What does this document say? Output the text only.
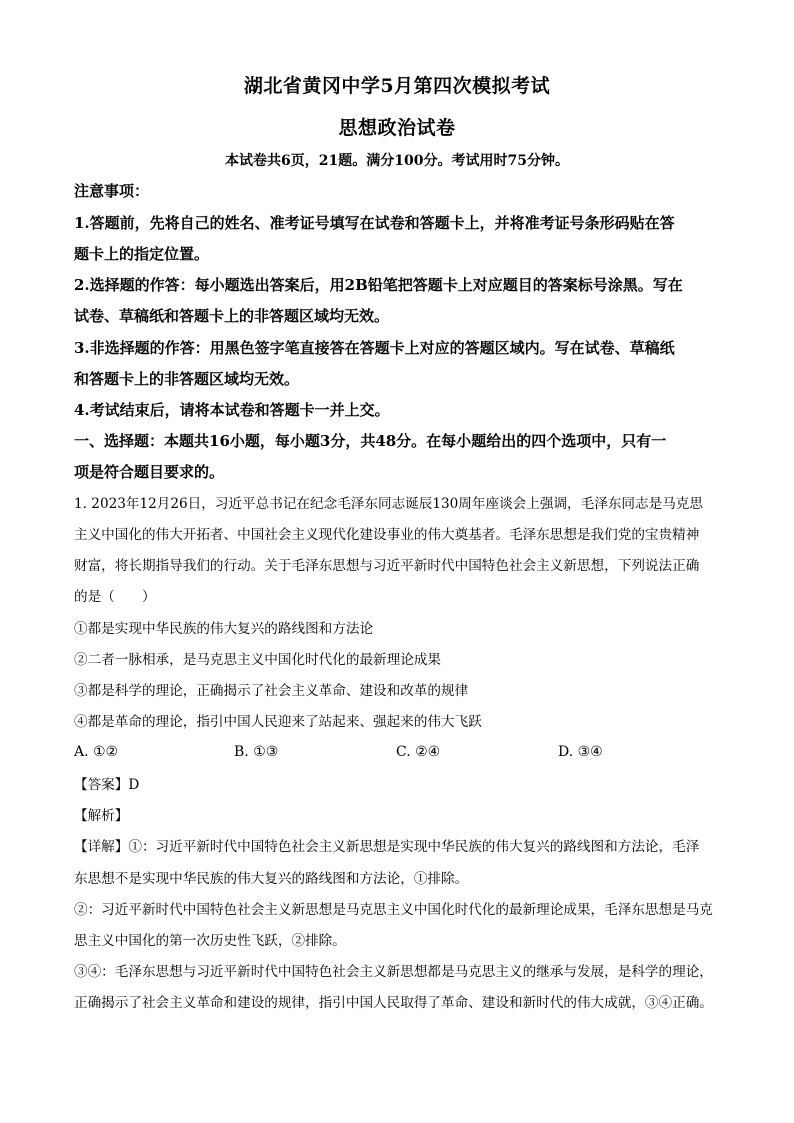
湖北省黄冈中学5月第四次模拟考试
思想政治试卷
本试卷共6页，21题。满分100分。考试用时75分钟。
注意事项：
1.答题前，先将自己的姓名、准考证号填写在试卷和答题卡上，并将准考证号条形码贴在答
题卡上的指定位置。
2.选择题的作答：每小题选出答案后，用2B铅笔把答题卡上对应题目的答案标号涂黑。写在
试卷、草稿纸和答题卡上的非答题区域均无效。
3.非选择题的作答：用黑色签字笔直接答在答题卡上对应的答题区域内。写在试卷、草稿纸
和答题卡上的非答题区域均无效。
4.考试结束后，请将本试卷和答题卡一并上交。
一、选择题：本题共16小题，每小题3分，共48分。在每小题给出的四个选项中，只有一
项是符合题目要求的。
1. 2023年12月26日，习近平总书记在纪念毛泽东同志诞辰130周年座谈会上强调，毛泽东同志是马克思
主义中国化的伟大开拓者、中国社会主义现代化建设事业的伟大奠基者。毛泽东思想是我们党的宝贵精神
财富，将长期指导我们的行动。关于毛泽东思想与习近平新时代中国特色社会主义新思想，下列说法正确
的是（　　）
①都是实现中华民族的伟大复兴的路线图和方法论
②二者一脉相承，是马克思主义中国化时代化的最新理论成果
③都是科学的理论，正确揭示了社会主义革命、建设和改革的规律
④都是革命的理论，指引中国人民迎来了站起来、强起来的伟大飞跃
A. ①②	B. ①③	C. ②④	D. ③④
【答案】D
【解析】
【详解】①：习近平新时代中国特色社会主义新思想是实现中华民族的伟大复兴的路线图和方法论，毛泽
东思想不是实现中华民族的伟大复兴的路线图和方法论，①排除。
②：习近平新时代中国特色社会主义新思想是马克思主义中国化时代化的最新理论成果，毛泽东思想是马克
思主义中国化的第一次历史性飞跃，②排除。
③④：毛泽东思想与习近平新时代中国特色社会主义新思想都是马克思主义的继承与发展，是科学的理论，
正确揭示了社会主义革命和建设的规律，指引中国人民取得了革命、建设和新时代的伟大成就，③④正确。
